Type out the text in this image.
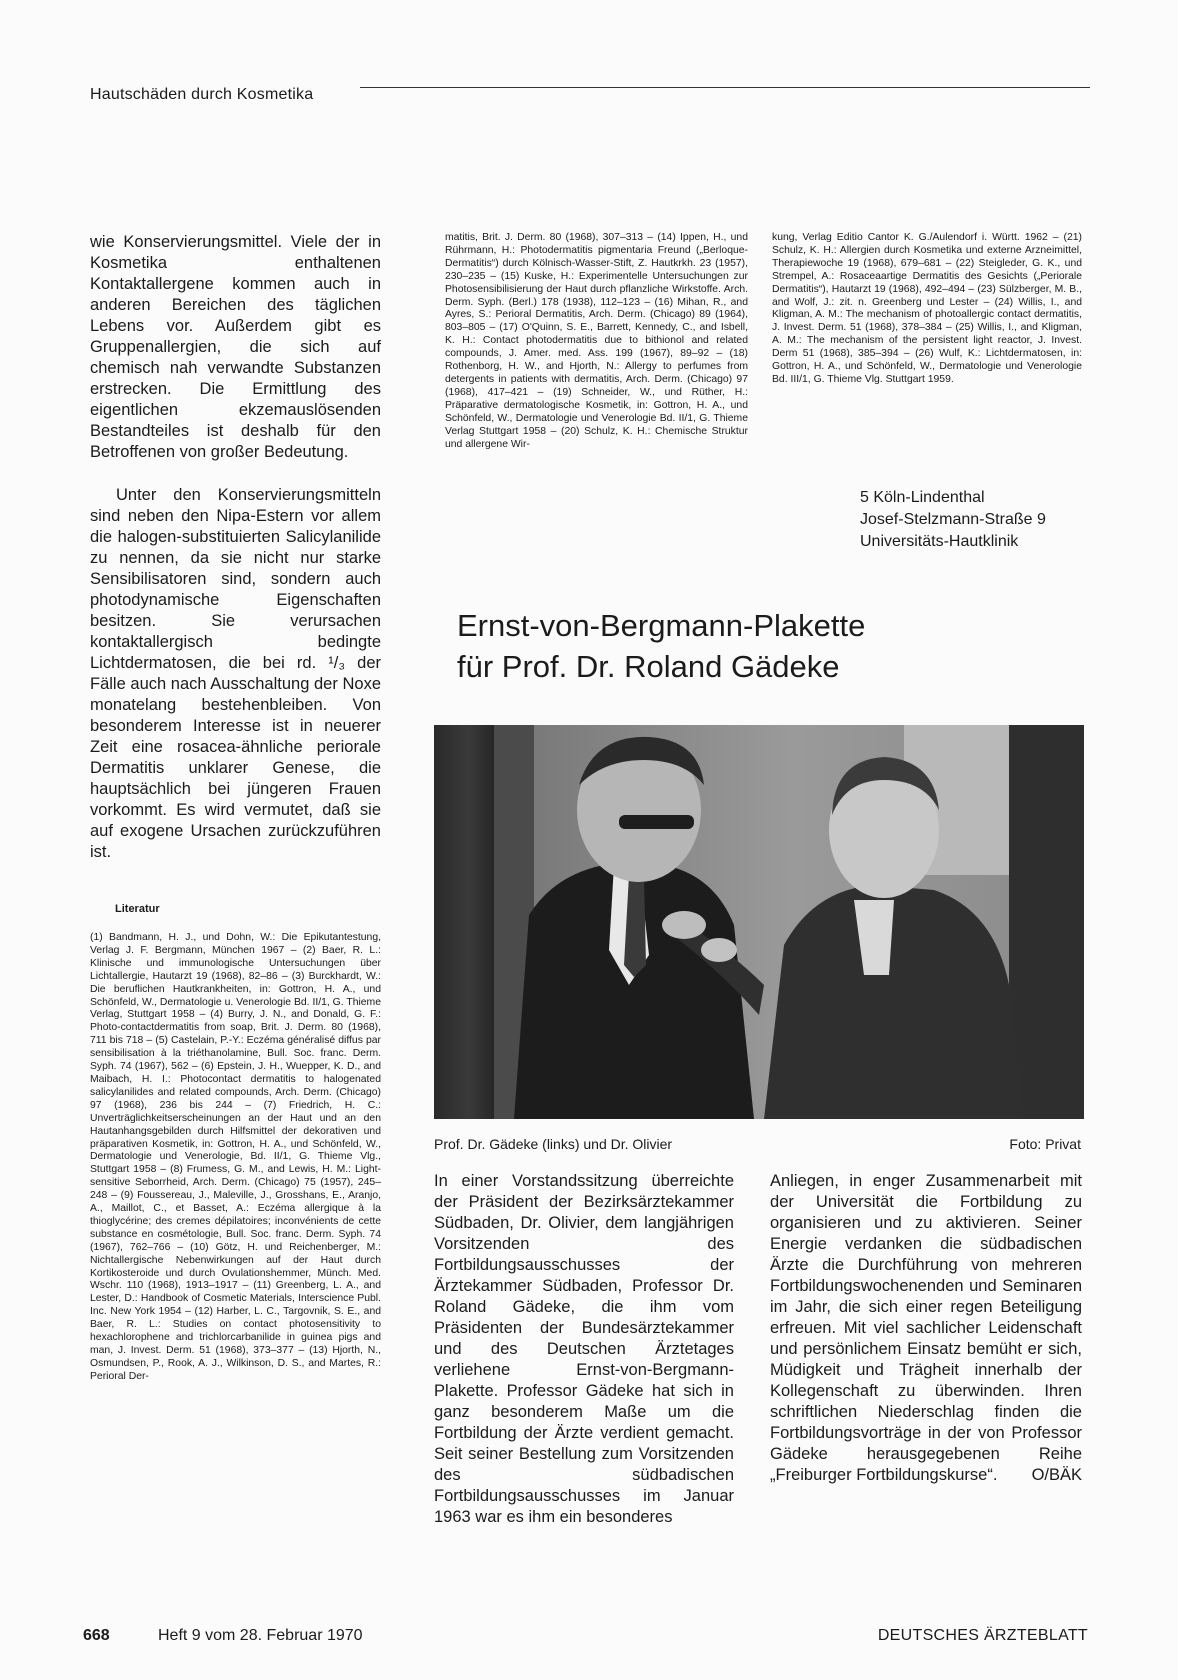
Hautschäden durch Kosmetika

wie Konservierungsmittel. Viele der in Kosmetika enthaltenen Kontaktallergene kommen auch in anderen Bereichen des täglichen Lebens vor. Außerdem gibt es Gruppenallergien, die sich auf chemisch nah verwandte Substanzen erstrecken. Die Ermittlung des eigentlichen ekzemauslösenden Bestandteiles ist deshalb für den Betroffenen von großer Bedeutung.

Unter den Konservierungsmitteln sind neben den Nipa-Estern vor allem die halogen-substituierten Salicylanilide zu nennen, da sie nicht nur starke Sensibilisatoren sind, sondern auch photodynamische Eigenschaften besitzen. Sie verursachen kontaktallergisch bedingte Lichtdermatosen, die bei rd. ¹/₃ der Fälle auch nach Ausschaltung der Noxe monatelang bestehenbleiben. Von besonderem Interesse ist in neuerer Zeit eine rosacea-ähnliche periorale Dermatitis unklarer Genese, die hauptsächlich bei jüngeren Frauen vorkommt. Es wird vermutet, daß sie auf exogene Ursachen zurückzuführen ist.

Literatur
(1) Bandmann, H. J., und Dohn, W.: Die Epikutantestung, Verlag J. F. Bergmann, München 1967 – (2) Baer, R. L.: Klinische und immunologische Untersuchungen über Lichtallergie, Hautarzt 19 (1968), 82–86 – (3) Burckhardt, W.: Die beruflichen Hautkrankheiten, in: Gottron, H. A., und Schönfeld, W., Dermatologie u. Venerologie Bd. II/1, G. Thieme Verlag, Stuttgart 1958 – (4) Burry, J. N., and Donald, G. F.: Photo-contactdermatitis from soap, Brit. J. Derm. 80 (1968), 711 bis 718 – (5) Castelain, P.-Y.: Eczéma généralisé diffus par sensibilisation à la triéthanolamine, Bull. Soc. franc. Derm. Syph. 74 (1967), 562 – (6) Epstein, J. H., Wuepper, K. D., and Maibach, H. I.: Photocontact dermatitis to halogenated salicylanilides and related compounds, Arch. Derm. (Chicago) 97 (1968), 236 bis 244 – (7) Friedrich, H. C.: Unverträglichkeitserscheinungen an der Haut und an den Hautanhangsgebilden durch Hilfsmittel der dekorativen und präparativen Kosmetik, in: Gottron, H. A., und Schönfeld, W., Dermatologie und Venerologie, Bd. II/1, G. Thieme Vlg., Stuttgart 1958 – (8) Frumess, G. M., and Lewis, H. M.: Light-sensitive Seborrheid, Arch. Derm. (Chicago) 75 (1957), 245–248 – (9) Foussereau, J., Maleville, J., Grosshans, E., Aranjo, A., Maillot, C., et Basset, A.: Eczéma allergique à la thioglycérine; des cremes dépilatoires; inconvénients de cette substance en cosmétologie, Bull. Soc. franc. Derm. Syph. 74 (1967), 762–766 – (10) Götz, H. und Reichenberger, M.: Nichtallergische Nebenwirkungen auf der Haut durch Kortikosteroide und durch Ovulationshemmer, Münch. Med. Wschr. 110 (1968), 1913–1917 – (11) Greenberg, L. A., and Lester, D.: Handbook of Cosmetic Materials, Interscience Publ. Inc. New York 1954 – (12) Harber, L. C., Targovnik, S. E., and Baer, R. L.: Studies on contact photosensitivity to hexachlorophene and trichlorcarbanilide in guinea pigs and man, J. Invest. Derm. 51 (1968), 373–377 – (13) Hjorth, N., Osmundsen, P., Rook, A. J., Wilkinson, D. S., and Martes, R.: Perioral Der-
matitis, Brit. J. Derm. 80 (1968), 307–313 – (14) Ippen, H., und Rührmann, H.: Photodermatitis pigmentaria Freund („Berloque-Dermatitis“) durch Kölnisch-Wasser-Stift, Z. Hautkrkh. 23 (1957), 230–235 – (15) Kuske, H.: Experimentelle Untersuchungen zur Photosensibilisierung der Haut durch pflanzliche Wirkstoffe. Arch. Derm. Syph. (Berl.) 178 (1938), 112–123 – (16) Mihan, R., and Ayres, S.: Perioral Dermatitis, Arch. Derm. (Chicago) 89 (1964), 803–805 – (17) O'Quinn, S. E., Barrett, Kennedy, C., and Isbell, K. H.: Contact photodermatitis due to bithionol and related compounds, J. Amer. med. Ass. 199 (1967), 89–92 – (18) Rothenborg, H. W., and Hjorth, N.: Allergy to perfumes from detergents in patients with dermatitis, Arch. Derm. (Chicago) 97 (1968), 417–421 – (19) Schneider, W., und Rüther, H.: Präparative dermatologische Kosmetik, in: Gottron, H. A., und Schönfeld, W., Dermatologie und Venerologie Bd. II/1, G. Thieme Verlag Stuttgart 1958 – (20) Schulz, K. H.: Chemische Struktur und allergene Wir-
kung, Verlag Editio Cantor K. G./Aulendorf i. Württ. 1962 – (21) Schulz, K. H.: Allergien durch Kosmetika und externe Arzneimittel, Therapiewoche 19 (1968), 679–681 – (22) Steigleder, G. K., und Strempel, A.: Rosaceaartige Dermatitis des Gesichts („Periorale Dermatitis“), Hautarzt 19 (1968), 492–494 – (23) Sülzberger, M. B., and Wolf, J.: zit. n. Greenberg und Lester – (24) Willis, I., and Kligman, A. M.: The mechanism of photoallergic contact dermatitis, J. Invest. Derm. 51 (1968), 378–384 – (25) Willis, I., and Kligman, A. M.: The mechanism of the persistent light reactor, J. Invest. Derm 51 (1968), 385–394 – (26) Wulf, K.: Lichtdermatosen, in: Gottron, H. A., und Schönfeld, W., Dermatologie und Venerologie Bd. III/1, G. Thieme Vlg. Stuttgart 1959.
5 Köln-Lindenthal
Josef-Stelzmann-Straße 9
Universitäts-Hautklinik
Ernst-von-Bergmann-Plakette
für Prof. Dr. Roland Gädeke
Prof. Dr. Gädeke (links) und Dr. Olivier	Foto: Privat
In einer Vorstandssitzung überreichte der Präsident der Bezirksärztekammer Südbaden, Dr. Olivier, dem langjährigen Vorsitzenden des Fortbildungsausschusses der Ärztekammer Südbaden, Professor Dr. Roland Gädeke, die ihm vom Präsidenten der Bundesärztekammer und des Deutschen Ärztetages verliehene Ernst-von-Bergmann-Plakette. Professor Gädeke hat sich in ganz besonderem Maße um die Fortbildung der Ärzte verdient gemacht. Seit seiner Bestellung zum Vorsitzenden des südbadischen Fortbildungsausschusses im Januar 1963 war es ihm ein besonderes
Anliegen, in enger Zusammenarbeit mit der Universität die Fortbildung zu organisieren und zu aktivieren. Seiner Energie verdanken die südbadischen Ärzte die Durchführung von mehreren Fortbildungswochenenden und Seminaren im Jahr, die sich einer regen Beteiligung erfreuen. Mit viel sachlicher Leidenschaft und persönlichem Einsatz bemüht er sich, Müdigkeit und Trägheit innerhalb der Kollegenschaft zu überwinden. Ihren schriftlichen Niederschlag finden die Fortbildungsvorträge in der von Professor Gädeke herausgegebenen Reihe „Freiburger Fortbildungskurse“. O/BÄK
668	Heft 9 vom 28. Februar 1970	DEUTSCHES ÄRZTEBLATT
